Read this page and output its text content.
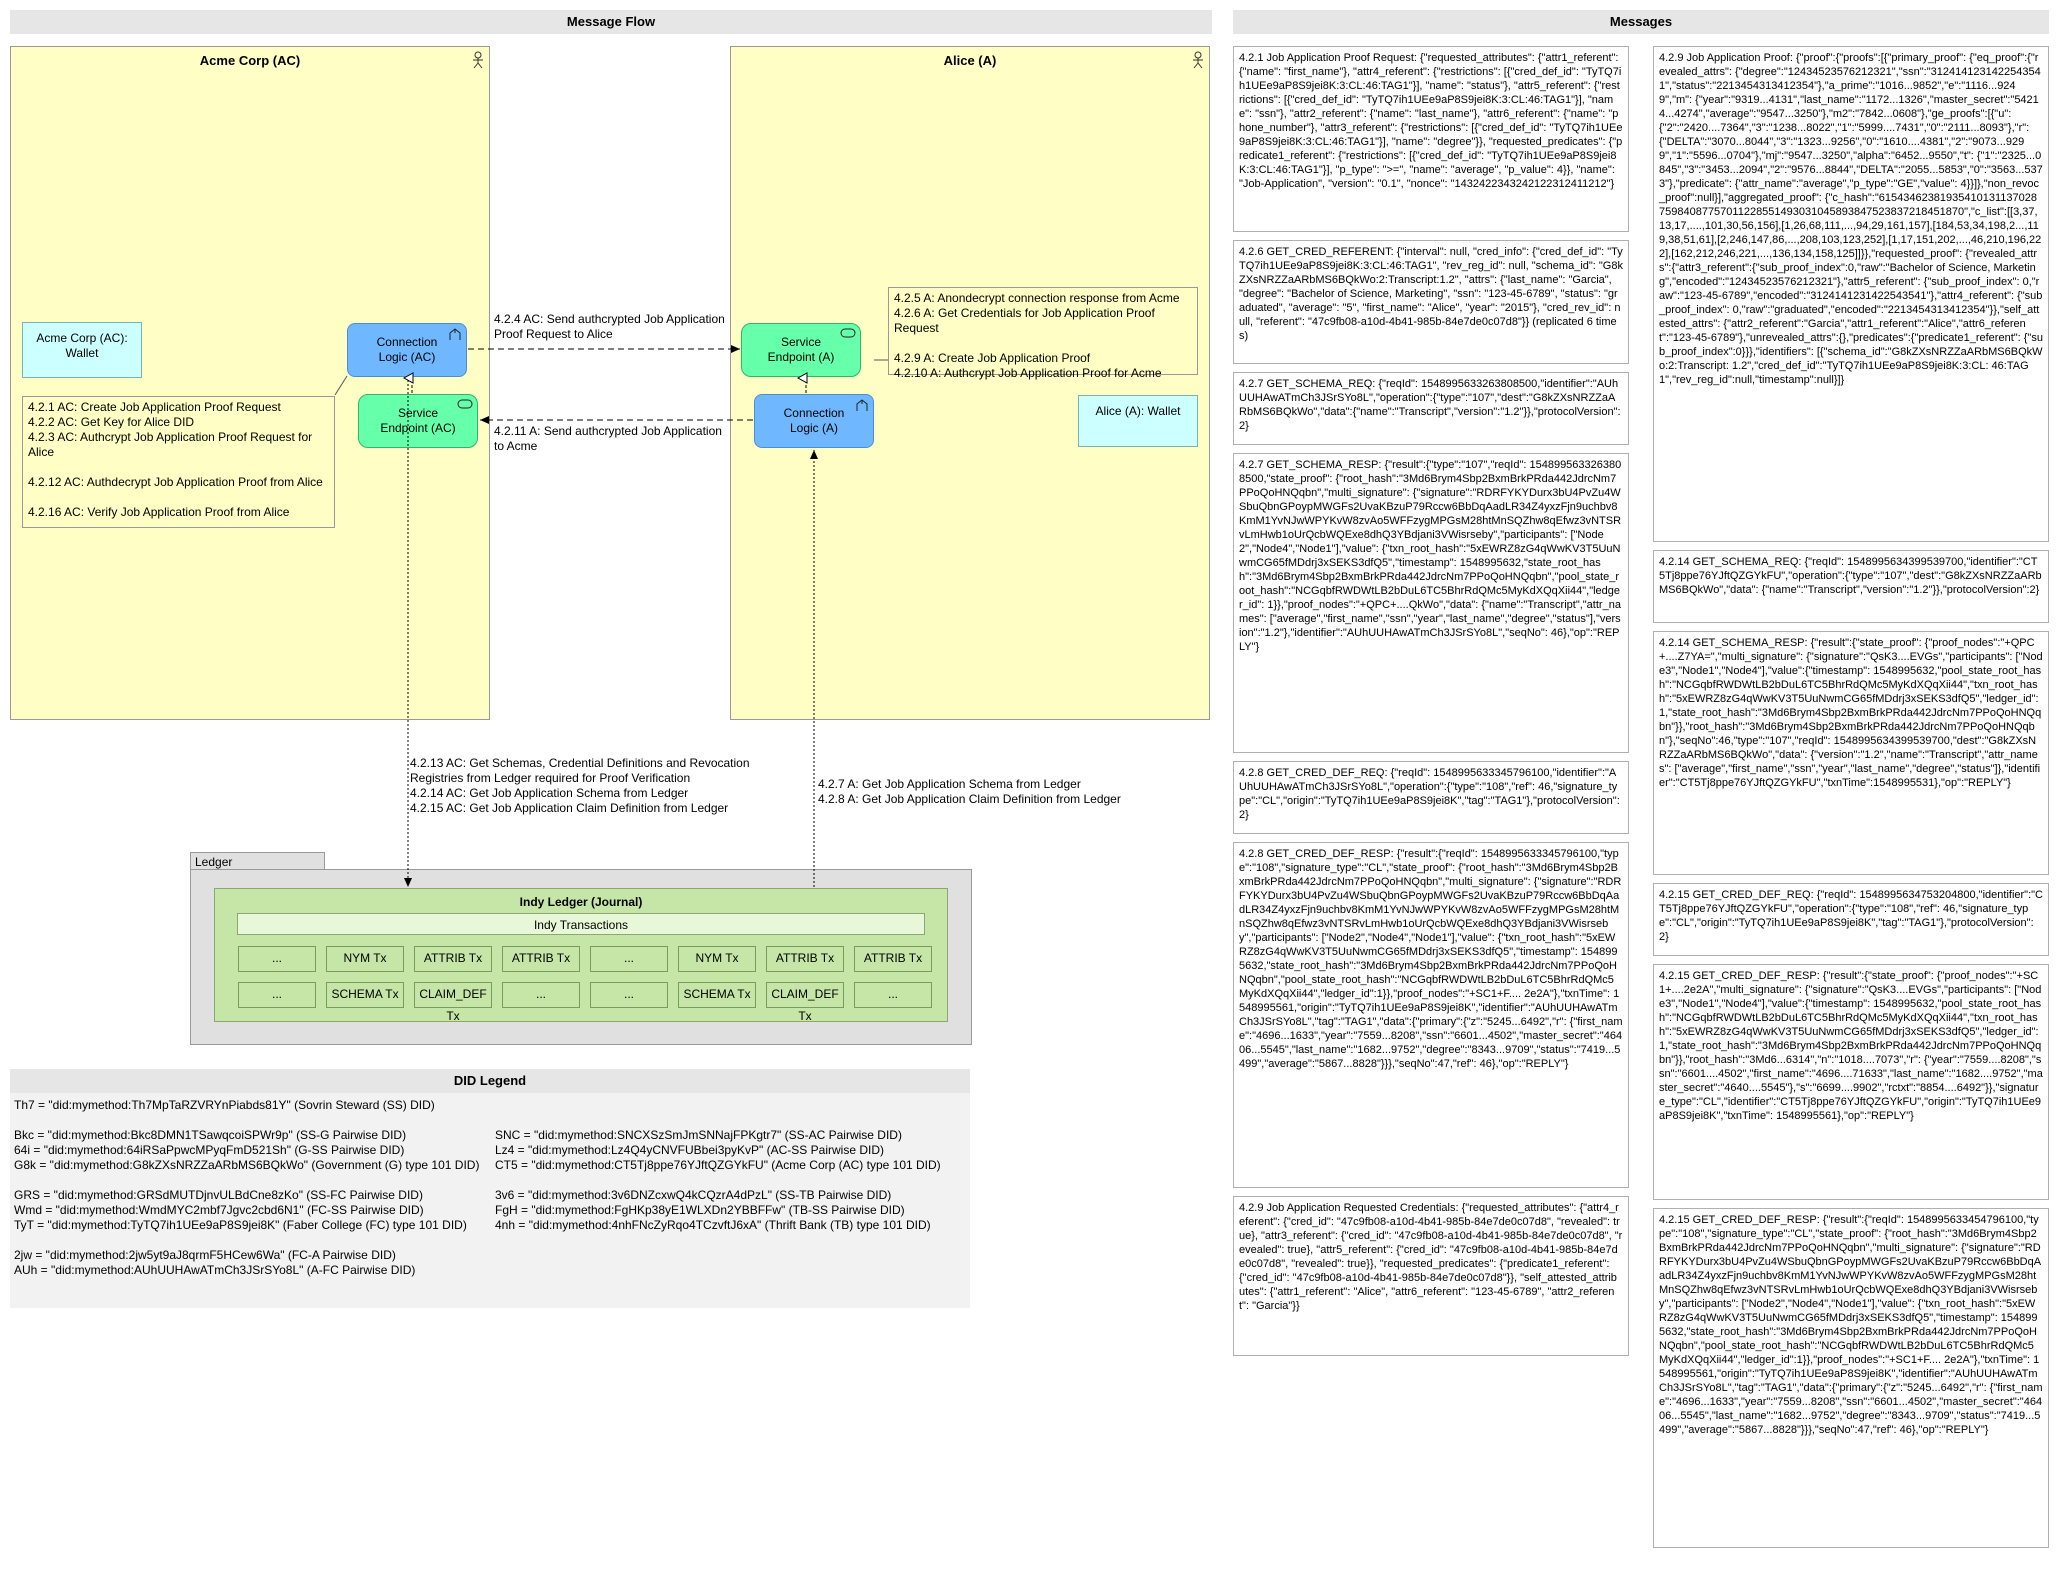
Message Flow	Messages
Acme Corp (AC)	Alice (A)
Acme Corp (AC):
Wallet
Alice (A): Wallet
Connection
Logic (AC)
Service
Endpoint (AC)
Service
Endpoint (A)
Connection
Logic (A)

4.2.1 AC: Create Job Application Proof Request
4.2.2 AC: Get Key for Alice DID
4.2.3 AC: Authcrypt Job Application Proof Request for Alice

4.2.12 AC: Authdecrypt Job Application Proof from Alice

4.2.16 AC: Verify Job Application Proof from Alice

4.2.5 A: Anondecrypt connection response from Acme
4.2.6 A: Get Credentials for Job Application Proof Request

4.2.9 A: Create Job Application Proof
4.2.10 A: Authcrypt Job Application Proof for Acme

4.2.4 AC: Send authcrypted Job Application
Proof Request to Alice
4.2.11 A: Send authcrypted Job Application
to Acme
4.2.13 AC: Get Schemas, Credential Definitions and Revocation
Registries from Ledger required for Proof Verification
4.2.14 AC: Get Job Application Schema from Ledger
4.2.15 AC: Get Job Application Claim Definition from Ledger
4.2.7 A: Get Job Application Schema from Ledger
4.2.8 A: Get Job Application Claim Definition from Ledger
Ledger
Indy Ledger (Journal)
Indy Transactions
...	NYM Tx	ATTRIB Tx	ATTRIB Tx	...	NYM Tx	ATTRIB Tx	ATTRIB Tx
...	SCHEMA Tx	CLAIM_DEF Tx
...	...	SCHEMA Tx	CLAIM_DEF Tx
...
DID Legend
Th7 = "did:mymethod:Th7MpTaRZVRYnPiabds81Y" (Sovrin Steward (SS) DID)
Bkc = "did:mymethod:Bkc8DMN1TSawqcoiSPWr9p" (SS-G Pairwise DID)
64i = "did:mymethod:64iRSaPpwcMPyqFmD521Sh" (G-SS Pairwise DID)
G8k = "did:mymethod:G8kZXsNRZZaARbMS6BQkWo" (Government (G) type 101 DID)
GRS = "did:mymethod:GRSdMUTDjnvULBdCne8zKo" (SS-FC Pairwise DID)
Wmd = "did:mymethod:WmdMYC2mbf7Jgvc2cbd6N1" (FC-SS Pairwise DID)
TyT = "did:mymethod:TyTQ7ih1UEe9aP8S9jei8K" (Faber College (FC) type 101 DID)
2jw = "did:mymethod:2jw5yt9aJ8qrmF5HCew6Wa" (FC-A Pairwise DID)
AUh = "did:mymethod:AUhUUHAwATmCh3JSrSYo8L" (A-FC Pairwise DID)
SNC = "did:mymethod:SNCXSzSmJmSNNajFPKgtr7" (SS-AC Pairwise DID)
Lz4 = "did:mymethod:Lz4Q4yCNVFUBbei3pyKvP" (AC-SS Pairwise DID)
CT5 = "did:mymethod:CT5Tj8ppe76YJftQZGYkFU" (Acme Corp (AC) type 101 DID)
3v6 = "did:mymethod:3v6DNZcxwQ4kCQzrA4dPzL" (SS-TB Pairwise DID)
FgH = "did:mymethod:FgHKp38yE1WLXDn2YBBFFw" (TB-SS Pairwise DID)
4nh = "did:mymethod:4nhFNcZyRqo4TCzvftJ6xA" (Thrift Bank (TB) type 101 DID)
4.2.1 Job Application Proof Request: {"requested_attributes": {"attr1_referent": {"name": "first_name"}, "attr4_referent": {"restrictions": [{"cred_def_id": "TyTQ7ih1UEe9aP8S9jei8K:3:CL:46:TAG1"}], "name": "status"}, "attr5_referent": {"restrictions": [{"cred_def_id": "TyTQ7ih1UEe9aP8S9jei8K:3:CL:46:TAG1"}], "name": "ssn"}, "attr2_referent": {"name": "last_name"}, "attr6_referent": {"name": "phone_number"}, "attr3_referent": {"restrictions": [{"cred_def_id": "TyTQ7ih1UEe9aP8S9jei8K:3:CL:46:TAG1"}], "name": "degree"}}, "requested_predicates": {"predicate1_referent": {"restrictions": [{"cred_def_id": "TyTQ7ih1UEe9aP8S9jei8K:3:CL:46:TAG1"}], "p_type": ">=", "name": "average", "p_value": 4}}, "name": "Job-Application", "version": "0.1", "nonce": "1432422343242122312411212"}
4.2.6 GET_CRED_REFERENT: {"interval": null, "cred_info": {"cred_def_id": "TyTQ7ih1UEe9aP8S9jei8K:3:CL:46:TAG1", "rev_reg_id": null, "schema_id": "G8kZXsNRZZaARbMS6BQkWo:2:Transcript:1.2", "attrs": {"last_name": "Garcia", "degree": "Bachelor of Science, Marketing", "ssn": "123-45-6789", "status": "graduated", "average": "5", "first_name": "Alice", "year": "2015"}, "cred_rev_id": null, "referent": "47c9fb08-a10d-4b41-985b-84e7de0c07d8"}} (replicated 6 times)
4.2.7 GET_SCHEMA_REQ: {"reqId": 1548995633263808500,"identifier":"AUhUUHAwATmCh3JSrSYo8L","operation":{"type":"107","dest":"G8kZXsNRZZaARbMS6BQkWo","data":{"name":"Transcript","version":"1.2"}},"protocolVersion":2}
4.2.7 GET_SCHEMA_RESP: {"result":{"type":"107","reqId": 1548995633263808500,"state_proof": {"root_hash":"3Md6Brym4Sbp2BxmBrkPRda442JdrcNm7PPoQoHNQqbn","multi_signature": {"signature":"RDRFYKYDurx3bU4PvZu4WSbuQbnGPoypMWGFs2UvaKBzuP79Rccw6BbDqAadLR34Z4yxzFjn9uchbv8KmM1YvNJwWPYKvW8zvAo5WFFzygMPGsM28htMnSQZhw8qEfwz3vNTSRvLmHwb1oUrQcbWQExe8dhQ3YBdjani3VWisrseby","participants": ["Node2","Node4","Node1"],"value": {"txn_root_hash":"5xEWRZ8zG4qWwKV3T5UuNwmCG65fMDdrj3xSEKS3dfQ5","timestamp": 1548995632,"state_root_hash":"3Md6Brym4Sbp2BxmBrkPRda442JdrcNm7PPoQoHNQqbn","pool_state_root_hash":"NCGqbfRWDWtLB2bDuL6TC5BhrRdQMc5MyKdXQqXii44","ledger_id": 1}},"proof_nodes":"+QPC+....QkWo","data": {"name":"Transcript","attr_names": ["average","first_name","ssn","year","last_name","degree","status"],"version":"1.2"},"identifier":"AUhUUHAwATmCh3JSrSYo8L","seqNo": 46},"op":"REPLY"}
4.2.8 GET_CRED_DEF_REQ: {"reqId": 1548995633345796100,"identifier":"AUhUUHAwATmCh3JSrSYo8L","operation":{"type":"108","ref": 46,"signature_type":"CL","origin":"TyTQ7ih1UEe9aP8S9jei8K","tag":"TAG1"},"protocolVersion":2}
4.2.8 GET_CRED_DEF_RESP: {"result":{"reqId": 1548995633345796100,"type":"108","signature_type":"CL","state_proof": {"root_hash":"3Md6Brym4Sbp2BxmBrkPRda442JdrcNm7PPoQoHNQqbn","multi_signature": {"signature":"RDRFYKYDurx3bU4PvZu4WSbuQbnGPoypMWGFs2UvaKBzuP79Rccw6BbDqAadLR34Z4yxzFjn9uchbv8KmM1YvNJwWPYKvW8zvAo5WFFzygMPGsM28htMnSQZhw8qEfwz3vNTSRvLmHwb1oUrQcbWQExe8dhQ3YBdjani3VWisrseby","participants": ["Node2","Node4","Node1"],"value": {"txn_root_hash":"5xEWRZ8zG4qWwKV3T5UuNwmCG65fMDdrj3xSEKS3dfQ5","timestamp": 1548995632,"state_root_hash":"3Md6Brym4Sbp2BxmBrkPRda442JdrcNm7PPoQoHNQqbn","pool_state_root_hash":"NCGqbfRWDWtLB2bDuL6TC5BhrRdQMc5MyKdXQqXii44","ledger_id":1}},"proof_nodes":"+SC1+F.... 2e2A"},"txnTime": 1548995561,"origin":"TyTQ7ih1UEe9aP8S9jei8K","identifier":"AUhUUHAwATmCh3JSrSYo8L","tag":"TAG1","data":{"primary":{"z":"5245...6492","r": {"first_name":"4696...1633","year":"7559...8208","ssn":"6601...4502","master_secret":"46406...5545","last_name":"1682...9752","degree":"8343...9709","status":"7419...5499","average":"5867...8828"}}},"seqNo":47,"ref": 46},"op":"REPLY"}
4.2.9 Job Application Requested Credentials: {"requested_attributes": {"attr4_referent": {"cred_id": "47c9fb08-a10d-4b41-985b-84e7de0c07d8", "revealed": true}, "attr3_referent": {"cred_id": "47c9fb08-a10d-4b41-985b-84e7de0c07d8", "revealed": true}, "attr5_referent": {"cred_id": "47c9fb08-a10d-4b41-985b-84e7de0c07d8", "revealed": true}}, "requested_predicates": {"predicate1_referent": {"cred_id": "47c9fb08-a10d-4b41-985b-84e7de0c07d8"}}, "self_attested_attributes": {"attr1_referent": "Alice", "attr6_referent": "123-45-6789", "attr2_referent": "Garcia"}}
4.2.9 Job Application Proof: {"proof":{"proofs":[{"primary_proof": {"eq_proof":{"revealed_attrs": {"degree":"12434523576212321","ssn":"3124141231422543541","status":"2213454313412354"},"a_prime":"1016...9852","e":"1116...9249","m": {"year":"9319...4131","last_name":"1172...1326","master_secret":"54214...4274","average":"9547...3250"},"m2":"7842...0608"},"ge_proofs":[{"u": {"2":"2420....7364","3":"1238...8022","1":"5999....7431","0":"2111...8093"},"r": {"DELTA":"3070...8044","3":"1323...9256","0":"1610....4381","2":"9073...9299","1":"5596...0704"},"mj":"9547...3250","alpha":"6452...9550","t": {"1":"2325...0845","3":"3453...2094","2":"9576...8844","DELTA":"2055...5853","0":"3563...5373"},"predicate": {"attr_name":"average","p_type":"GE","value": 4}}]},"non_revoc_proof":null}],"aggregated_proof": {"c_hash":"6154346238193541013113702875984087757011228551493031045893847523837218451870","c_list":[[3,37,13,17,....,101,30,56,156],[1,26,68,111,...,94,29,161,157],[184,53,34,198,2...,119,38,51,61],[2,246,147,86,...,208,103,123,252],[1,17,151,202,...,46,210,196,222],[162,212,246,221,...,136,134,158,125]]}},"requested_proof": {"revealed_attrs":{"attr3_referent":{"sub_proof_index":0,"raw":"Bachelor of Science, Marketing","encoded":"12434523576212321"},"attr5_referent": {"sub_proof_index": 0,"raw":"123-45-6789","encoded":"3124141231422543541"},"attr4_referent": {"sub_proof_index": 0,"raw":"graduated","encoded":"2213454313412354"}},"self_attested_attrs": {"attr2_referent":"Garcia","attr1_referent":"Alice","attr6_referent":"123-45-6789"},"unrevealed_attrs":{},"predicates":{"predicate1_referent": {"sub_proof_index":0}}},"identifiers": [{"schema_id":"G8kZXsNRZZaARbMS6BQkWo:2:Transcript: 1.2","cred_def_id":"TyTQ7ih1UEe9aP8S9jei8K:3:CL: 46:TAG1","rev_reg_id":null,"timestamp":null}]}
4.2.14 GET_SCHEMA_REQ: {"reqId": 1548995634399539700,"identifier":"CT5Tj8ppe76YJftQZGYkFU","operation":{"type":"107","dest":"G8kZXsNRZZaARbMS6BQkWo","data": {"name":"Transcript","version":"1.2"}},"protocolVersion":2}
4.2.14 GET_SCHEMA_RESP: {"result":{"state_proof": {"proof_nodes":"+QPC+....Z7YA=","multi_signature": {"signature":"QsK3....EVGs","participants": ["Node3","Node1","Node4"],"value":{"timestamp": 1548995632,"pool_state_root_hash":"NCGqbfRWDWtLB2bDuL6TC5BhrRdQMc5MyKdXQqXii44","txn_root_hash":"5xEWRZ8zG4qWwKV3T5UuNwmCG65fMDdrj3xSEKS3dfQ5","ledger_id": 1,"state_root_hash":"3Md6Brym4Sbp2BxmBrkPRda442JdrcNm7PPoQoHNQqbn"}},"root_hash":"3Md6Brym4Sbp2BxmBrkPRda442JdrcNm7PPoQoHNQqbn"},"seqNo":46,"type":"107","reqId": 1548995634399539700,"dest":"G8kZXsNRZZaARbMS6BQkWo","data": {"version":"1.2","name":"Transcript","attr_names": ["average","first_name","ssn","year","last_name","degree","status"]},"identifier":"CT5Tj8ppe76YJftQZGYkFU","txnTime":1548995531},"op":"REPLY"}
4.2.15 GET_CRED_DEF_REQ: {"reqId": 1548995634753204800,"identifier":"CT5Tj8ppe76YJftQZGYkFU","operation":{"type":"108","ref": 46,"signature_type":"CL","origin":"TyTQ7ih1UEe9aP8S9jei8K","tag":"TAG1"},"protocolVersion":2}
4.2.15 GET_CRED_DEF_RESP: {"result":{"state_proof": {"proof_nodes":"+SC1+....2e2A","multi_signature": {"signature":"QsK3....EVGs","participants": ["Node3","Node1","Node4"],"value":{"timestamp": 1548995632,"pool_state_root_hash":"NCGqbfRWDWtLB2bDuL6TC5BhrRdQMc5MyKdXQqXii44","txn_root_hash":"5xEWRZ8zG4qWwKV3T5UuNwmCG65fMDdrj3xSEKS3dfQ5","ledger_id": 1,"state_root_hash":"3Md6Brym4Sbp2BxmBrkPRda442JdrcNm7PPoQoHNQqbn"}},"root_hash":"3Md6...6314","n":"1018....7073","r": {"year":"7559....8208","ssn":"6601....4502","first_name":"4696....71633","last_name":"1682....9752","master_secret":"4640....5545"},"s":"6699....9902","rctxt":"8854....6492"}},"signature_type":"CL","identifier":"CT5Tj8ppe76YJftQZGYkFU","origin":"TyTQ7ih1UEe9aP8S9jei8K","txnTime": 1548995561},"op":"REPLY"}
4.2.15 GET_CRED_DEF_RESP: {"result":{"reqId": 1548995633454796100,"type":"108","signature_type":"CL","state_proof": {"root_hash":"3Md6Brym4Sbp2BxmBrkPRda442JdrcNm7PPoQoHNQqbn","multi_signature": {"signature":"RDRFYKYDurx3bU4PvZu4WSbuQbnGPoypMWGFs2UvaKBzuP79Rccw6BbDqAadLR34Z4yxzFjn9uchbv8KmM1YvNJwWPYKvW8zvAo5WFFzygMPGsM28htMnSQZhw8qEfwz3vNTSRvLmHwb1oUrQcbWQExe8dhQ3YBdjani3VWisrseby","participants": ["Node2","Node4","Node1"],"value": {"txn_root_hash":"5xEWRZ8zG4qWwKV3T5UuNwmCG65fMDdrj3xSEKS3dfQ5","timestamp": 1548995632,"state_root_hash":"3Md6Brym4Sbp2BxmBrkPRda442JdrcNm7PPoQoHNQqbn","pool_state_root_hash":"NCGqbfRWDWtLB2bDuL6TC5BhrRdQMc5MyKdXQqXii44","ledger_id":1}},"proof_nodes":"+SC1+F.... 2e2A"},"txnTime": 1548995561,"origin":"TyTQ7ih1UEe9aP8S9jei8K","identifier":"AUhUUHAwATmCh3JSrSYo8L","tag":"TAG1","data":{"primary":{"z":"5245...6492","r": {"first_name":"4696...1633","year":"7559...8208","ssn":"6601...4502","master_secret":"46406...5545","last_name":"1682...9752","degree":"8343...9709","status":"7419...5499","average":"5867...8828"}}},"seqNo":47,"ref": 46},"op":"REPLY"}
